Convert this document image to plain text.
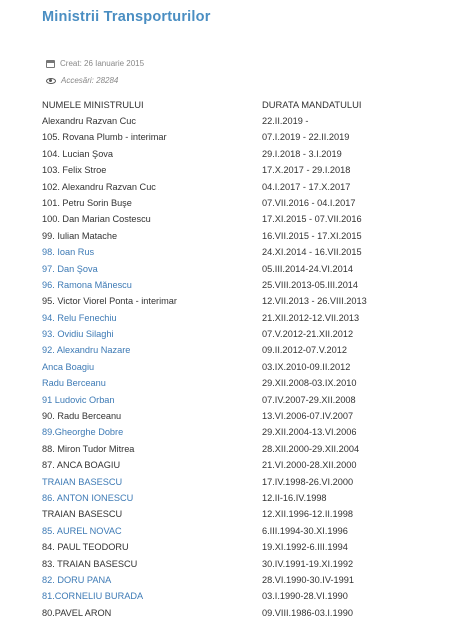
Ministrii Transporturilor
Creat: 26 Ianuarie 2015
Accesări: 28284
NUMELE MINISTRULUI	DURATA MANDATULUI
Alexandru Razvan Cuc	22.II.2019 -
105. Rovana Plumb - interimar	07.I.2019 - 22.II.2019
104. Lucian Şova	29.I.2018 - 3.I.2019
103. Felix Stroe	17.X.2017 - 29.I.2018
102. Alexandru Razvan Cuc	04.I.2017 - 17.X.2017
101. Petru Sorin Buşe	07.VII.2016 - 04.I.2017
100. Dan Marian Costescu	17.XI.2015 - 07.VII.2016
99. Iulian Matache	16.VII.2015 - 17.XI.2015
98. Ioan Rus	24.XI.2014 - 16.VII.2015
97. Dan Şova	05.III.2014-24.VI.2014
96. Ramona Mănescu	25.VIII.2013-05.III.2014
95. Victor Viorel Ponta - interimar	12.VII.2013 - 26.VIII.2013
94. Relu Fenechiu	21.XII.2012-12.VII.2013
93. Ovidiu Silaghi	07.V.2012-21.XII.2012
92. Alexandru Nazare	09.II.2012-07.V.2012
Anca Boagiu	03.IX.2010-09.II.2012
Radu Berceanu	29.XII.2008-03.IX.2010
91 Ludovic Orban	07.IV.2007-29.XII.2008
90. Radu Berceanu	13.VI.2006-07.IV.2007
89.Gheorghe Dobre	29.XII.2004-13.VI.2006
88. Miron Tudor Mitrea	28.XII.2000-29.XII.2004
87. ANCA BOAGIU	21.VI.2000-28.XII.2000
TRAIAN BASESCU	17.IV.1998-26.VI.2000
86. ANTON IONESCU	12.II-16.IV.1998
TRAIAN BASESCU	12.XII.1996-12.II.1998
85. AUREL NOVAC	6.III.1994-30.XI.1996
84. PAUL TEODORU	19.XI.1992-6.III.1994
83. TRAIAN BASESCU	30.IV.1991-19.XI.1992
82. DORU PANA	28.VI.1990-30.IV-1991
81.CORNELIU BURADA	03.I.1990-28.VI.1990
80.PAVEL ARON	09.VIII.1986-03.I.1990
